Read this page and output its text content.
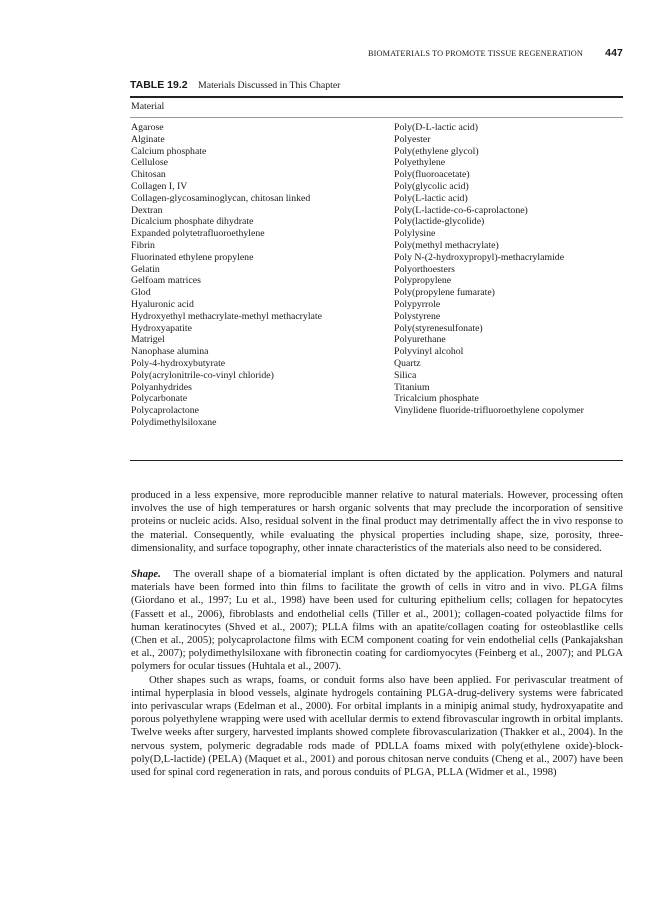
BIOMATERIALS TO PROMOTE TISSUE REGENERATION 447
TABLE 19.2 Materials Discussed in This Chapter
Material
Agarose
Alginate
Calcium phosphate
Cellulose
Chitosan
Collagen I, IV
Collagen-glycosaminoglycan, chitosan linked
Dextran
Dicalcium phosphate dihydrate
Expanded polytetrafluoroethylene
Fibrin
Fluorinated ethylene propylene
Gelatin
Gelfoam matrices
Glod
Hyaluronic acid
Hydroxyethyl methacrylate-methyl methacrylate
Hydroxyapatite
Matrigel
Nanophase alumina
Poly-4-hydroxybutyrate
Poly(acrylonitrile-co-vinyl chloride)
Polyanhydrides
Polycarbonate
Polycaprolactone
Polydimethylsiloxane
Poly(D-L-lactic acid)
Polyester
Poly(ethylene glycol)
Polyethylene
Poly(fluoroacetate)
Poly(glycolic acid)
Poly(L-lactic acid)
Poly(L-lactide-co-6-caprolactone)
Poly(lactide-glycolide)
Polylysine
Poly(methyl methacrylate)
Poly N-(2-hydroxypropyl)-methacrylamide
Polyorthoesters
Polypropylene
Poly(propylene fumarate)
Polypyrrole
Polystyrene
Poly(styrenesulfonate)
Polyurethane
Polyvinyl alcohol
Quartz
Silica
Titanium
Tricalcium phosphate
Vinylidene fluoride-trifluoroethylene copolymer

produced in a less expensive, more reproducible manner relative to natural materials. However, processing often involves the use of high temperatures or harsh organic solvents that may preclude the incorporation of sensitive proteins or nucleic acids. Also, residual solvent in the final product may detrimentally affect the in vivo response to the material. Consequently, while evaluating the physical properties including shape, size, porosity, three-dimensionality, and surface topography, other innate characteristics of the materials also need to be considered.

Shape. The overall shape of a biomaterial implant is often dictated by the application. Polymers and natural materials have been formed into thin films to facilitate the growth of cells in vitro and in vivo. PLGA films (Giordano et al., 1997; Lu et al., 1998) have been used for culturing epithelium cells; collagen for hepatocytes (Fassett et al., 2006), fibroblasts and endothelial cells (Tiller et al., 2001); collagen-coated polyactide films for human keratinocytes (Shved et al., 2007); PLLA films with an apatite/collagen coating for osteoblastlike cells (Chen et al., 2005); polycaprolactone films with ECM component coating for vein endothelial cells (Pankajakshan et al., 2007); polydimethylsiloxane with fibronectin coating for cardiomyocytes (Feinberg et al., 2007); and PLGA polymers for ocular tissues (Huhtala et al., 2007).

Other shapes such as wraps, foams, or conduit forms also have been applied. For perivascular treatment of intimal hyperplasia in blood vessels, alginate hydrogels containing PLGA-drug-delivery systems were fabricated into perivascular wraps (Edelman et al., 2000). For orbital implants in a minipig animal study, hydroxyapatite and porous polyethylene wrapping were used with acellular dermis to extend fibrovascular ingrowth in orbital implants. Twelve weeks after surgery, harvested implants showed complete fibrovascularization (Thakker et al., 2004). In the nervous system, polymeric degradable rods made of PDLLA foams mixed with poly(ethylene oxide)-block-poly(D,L-lactide) (PELA) (Maquet et al., 2001) and porous chitosan nerve conduits (Cheng et al., 2007) have been used for spinal cord regeneration in rats, and porous conduits of PLGA, PLLA (Widmer et al., 1998)
